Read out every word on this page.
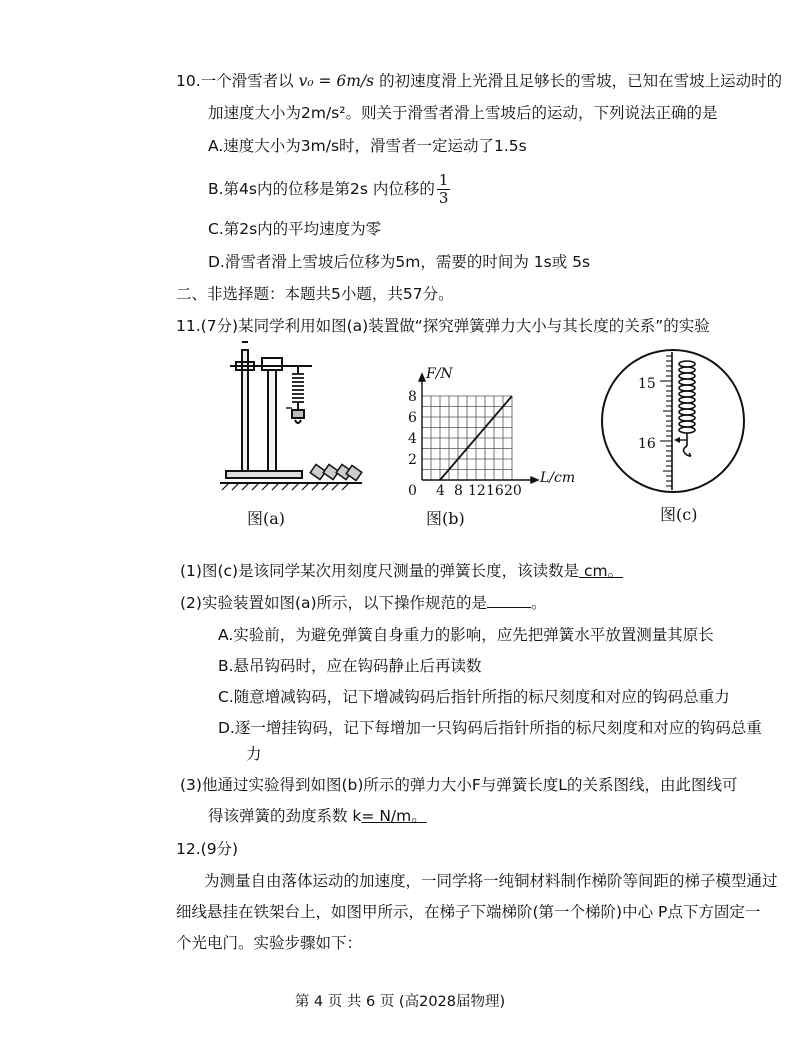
10.一个滑雪者以 v₀ = 6m/s 的初速度滑上光滑且足够长的雪坡，已知在雪坡上运动时的
加速度大小为2m/s²。则关于滑雪者滑上雪坡后的运动，下列说法正确的是
A.速度大小为3m/s时，滑雪者一定运动了1.5s
B.第4s内的位移是第2s 内位移的 $\frac{1}{3}$
C.第2s内的平均速度为零
D.滑雪者滑上雪坡后位移为5m，需要的时间为 1s或 5s
二、非选择题：本题共5小题，共57分。
11.(7分)某同学利用如图(a)装置做“探究弹簧弹力大小与其长度的关系”的实验
图(a)
0 4 8 12 16 20
2
4
6
8
L/cm
F/N
图(b)
15
16
图(c)
(1)图(c)是该同学某次用刻度尺测量的弹簧长度，该读数是 cm。
(2)实验装置如图(a)所示，以下操作规范的是	。
A.实验前，为避免弹簧自身重力的影响，应先把弹簧水平放置测量其原长
B.悬吊钩码时，应在钩码静止后再读数
C.随意增减钩码，记下增减钩码后指针所指的标尺刻度和对应的钩码总重力
D.逐一增挂钩码，记下每增加一只钩码后指针所指的标尺刻度和对应的钩码总重
力
(3)他通过实验得到如图(b)所示的弹力大小F与弹簧长度L的关系图线，由此图线可
得该弹簧的劲度系数 k= N/m。
12.(9分)
为测量自由落体运动的加速度，一同学将一纯铜材料制作梯阶等间距的梯子模型通过
细线悬挂在铁架台上，如图甲所示，在梯子下端梯阶(第一个梯阶)中心 P点下方固定一
个光电门。实验步骤如下：
第 4 页 共 6 页 (高2028届物理)
